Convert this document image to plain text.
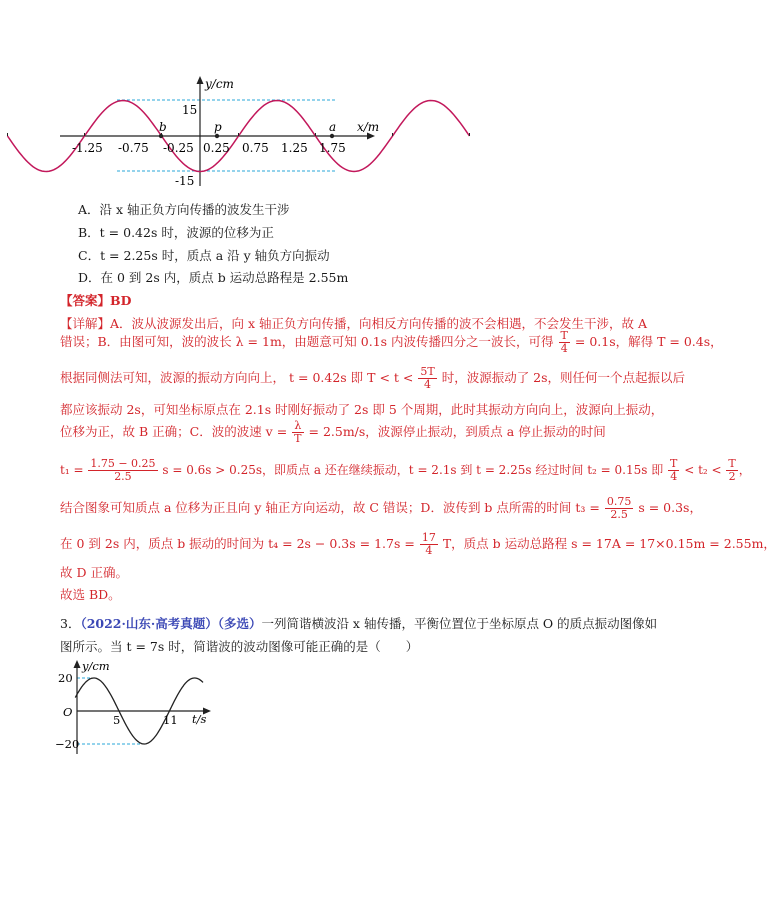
y/cm
x/m
15
-15
b	p	a
-1.25 -0.75 -0.25 0.25 0.75 1.25 1.75
A．沿 x 轴正负方向传播的波发生干涉
B．t = 0.42s 时，波源的位移为正
C．t = 2.25s 时，质点 a 沿 y 轴负方向振动
D．在 0 到 2s 内，质点 b 运动总路程是 2.55m
【答案】BD
【详解】A．波从波源发出后，向 x 轴正负方向传播，向相反方向传播的波不会相遇，不会发生干涉，故 A
错误；B．由图可知，波的波长 λ = 1m，由题意可知 0.1s 内波传播四分之一波长，可得 $\frac{T}{4} = 0.1s$，解得 T = 0.4s，
根据同侧法可知，波源的振动方向向上， t = 0.42s 即 $T < t < \frac{5T}{4}$ 时，波源振动了 2s，则任何一个点起振以后
都应该振动 2s，可知坐标原点在 2.1s 时刚好振动了 2s 即 5 个周期，此时其振动方向向上，波源向上振动，
位移为正，故 B 正确；C．波的波速 $v = \frac{\lambda}{T} = 2.5m/s$，波源停止振动，到质点 a 停止振动的时间
$t_1 = \frac{1.75 - 0.25}{2.5}$ s = 0.6s > 0.25s，即质点 a 还在继续振动，t = 2.1s 到 t = 2.25s 经过时间 t₂ = 0.15s 即 $\frac{T}{4} < t_2 < \frac{T}{2}$ ，
结合图象可知质点 a 位移为正且向 y 轴正方向运动，故 C 错误；D．波传到 b 点所需的时间 $t_3 = \frac{0.75}{2.5}$ s = 0.3s，
在 0 到 2s 内，质点 b 振动的时间为 $t_4 = 2s - 0.3s = 1.7s = \frac{17}{4}$ T，质点 b 运动总路程 s = 17A = 17×0.15m = 2.55m，
故 D 正确。
故选 BD。
3．（2022·山东·高考真题）（多选）一列简谐横波沿 x 轴传播，平衡位置位于坐标原点 O 的质点振动图像如
图所示。当 t = 7s 时，简谐波的波动图像可能正确的是（　　）
y/cm
t/s
20
−20
O
5	11
